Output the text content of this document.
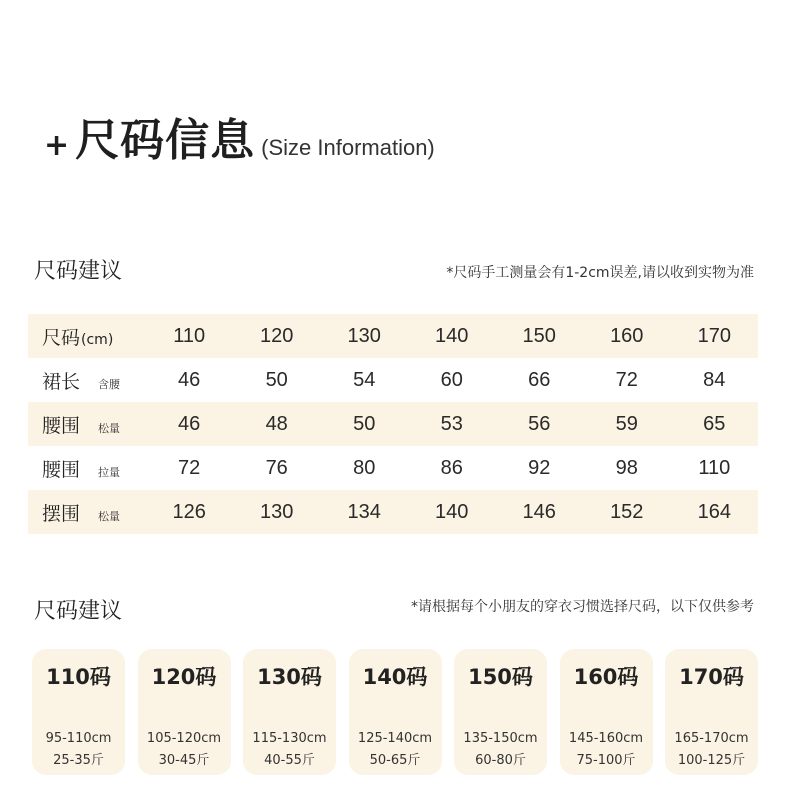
+ 尺码信息 (Size Information)
尺码建议	*尺码手工测量会有1-2cm误差,请以收到实物为准
尺码 (cm)	110	120	130	140	150	160	170
裙长 含腰	46	50	54	60	66	72	84
腰围 松量	46	48	50	53	56	59	65
腰围 拉量	72	76	80	86	92	98	110
摆围 松量	126	130	134	140	146	152	164
尺码建议	*请根据每个小朋友的穿衣习惯选择尺码，以下仅供参考
110码
95-110cm
25-35斤
120码
105-120cm
30-45斤
130码
115-130cm
40-55斤
140码
125-140cm
50-65斤
150码
135-150cm
60-80斤
160码
145-160cm
75-100斤
170码
165-170cm
100-125斤
